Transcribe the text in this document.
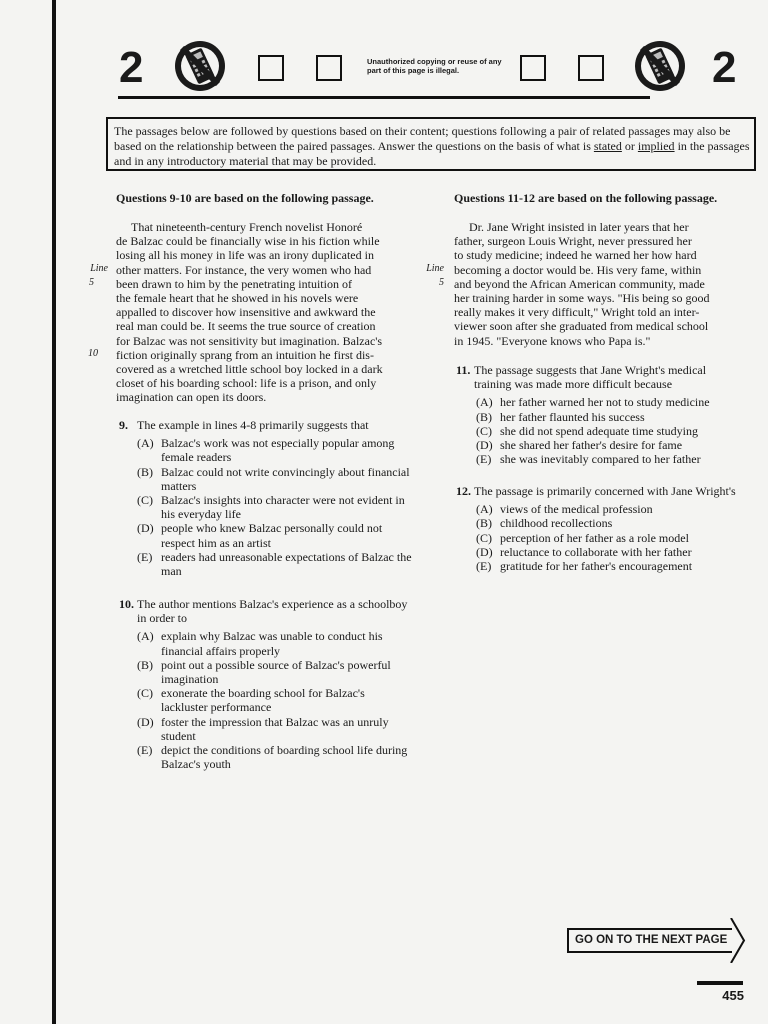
2	Unauthorized copying or reuse of any part of this page is illegal.	2
The passages below are followed by questions based on their content; questions following a pair of related passages may also be based on the relationship between the paired passages. Answer the questions on the basis of what is stated or implied in the passages and in any introductory material that may be provided.
Questions 9-10 are based on the following passage.
That nineteenth-century French novelist Honoré
de Balzac could be financially wise in his fiction while
losing all his money in life was an irony duplicated in
other matters. For instance, the very women who had
been drawn to him by the penetrating intuition of
the female heart that he showed in his novels were
appalled to discover how insensitive and awkward the
real man could be. It seems the true source of creation
for Balzac was not sensitivity but imagination. Balzac's
fiction originally sprang from an intuition he first dis-
covered as a wretched little school boy locked in a dark
closet of his boarding school: life is a prison, and only
imagination can open its doors.
Line
5
10
9. The example in lines 4-8 primarily suggests that
(A) Balzac's work was not especially popular among female readers
(B) Balzac could not write convincingly about financial matters
(C) Balzac's insights into character were not evident in his everyday life
(D) people who knew Balzac personally could not respect him as an artist
(E) readers had unreasonable expectations of Balzac the man
10. The author mentions Balzac's experience as a schoolboy in order to
(A) explain why Balzac was unable to conduct his financial affairs properly
(B) point out a possible source of Balzac's powerful imagination
(C) exonerate the boarding school for Balzac's lackluster performance
(D) foster the impression that Balzac was an unruly student
(E) depict the conditions of boarding school life during Balzac's youth
Questions 11-12 are based on the following passage.
Dr. Jane Wright insisted in later years that her
father, surgeon Louis Wright, never pressured her
to study medicine; indeed he warned her how hard
becoming a doctor would be. His very fame, within
and beyond the African American community, made
her training harder in some ways. "His being so good
really makes it very difficult," Wright told an inter-
viewer soon after she graduated from medical school
in 1945. "Everyone knows who Papa is."
Line
5
11. The passage suggests that Jane Wright's medical training was made more difficult because
(A) her father warned her not to study medicine
(B) her father flaunted his success
(C) she did not spend adequate time studying
(D) she shared her father's desire for fame
(E) she was inevitably compared to her father
12. The passage is primarily concerned with Jane Wright's
(A) views of the medical profession
(B) childhood recollections
(C) perception of her father as a role model
(D) reluctance to collaborate with her father
(E) gratitude for her father's encouragement
GO ON TO THE NEXT PAGE
455
